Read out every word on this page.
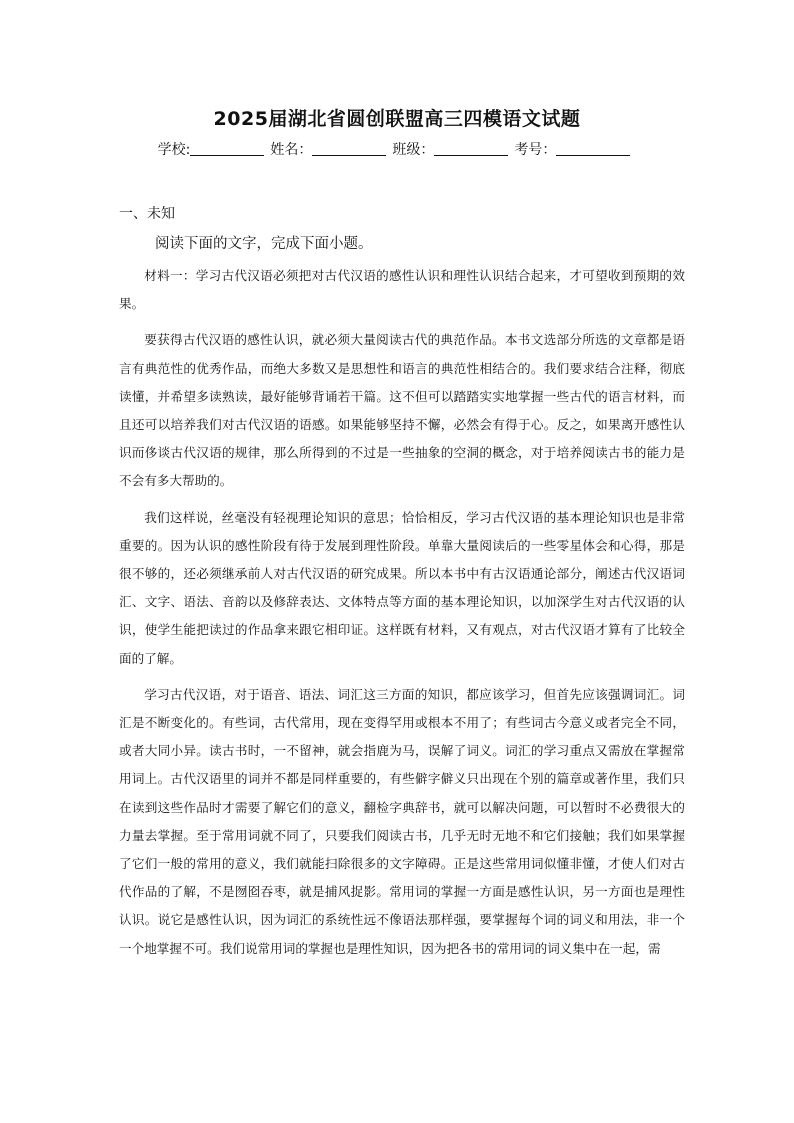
2025届湖北省圆创联盟高三四模语文试题
学校:	姓名：	班级：	考号：
一、未知
阅读下面的文字，完成下面小题。

材料一：学习古代汉语必须把对古代汉语的感性认识和理性认识结合起来，才可望收到预期的效果。

要获得古代汉语的感性认识，就必须大量阅读古代的典范作品。本书文选部分所选的文章都是语言有典范性的优秀作品，而绝大多数又是思想性和语言的典范性相结合的。我们要求结合注释，彻底读懂，并希望多读熟读，最好能够背诵若干篇。这不但可以踏踏实实地掌握一些古代的语言材料，而且还可以培养我们对古代汉语的语感。如果能够坚持不懈，必然会有得于心。反之，如果离开感性认识而侈谈古代汉语的规律，那么所得到的不过是一些抽象的空洞的概念，对于培养阅读古书的能力是不会有多大帮助的。

我们这样说，丝毫没有轻视理论知识的意思；恰恰相反，学习古代汉语的基本理论知识也是非常重要的。因为认识的感性阶段有待于发展到理性阶段。单靠大量阅读后的一些零星体会和心得，那是很不够的，还必须继承前人对古代汉语的研究成果。所以本书中有古汉语通论部分，阐述古代汉语词汇、文字、语法、音韵以及修辞表达、文体特点等方面的基本理论知识，以加深学生对古代汉语的认识，使学生能把读过的作品拿来跟它相印证。这样既有材料，又有观点，对古代汉语才算有了比较全面的了解。

学习古代汉语，对于语音、语法、词汇这三方面的知识，都应该学习，但首先应该强调词汇。词汇是不断变化的。有些词，古代常用，现在变得罕用或根本不用了；有些词古今意义或者完全不同，或者大同小异。读古书时，一不留神，就会指鹿为马，误解了词义。词汇的学习重点又需放在掌握常用词上。古代汉语里的词并不都是同样重要的，有些僻字僻义只出现在个别的篇章或著作里，我们只在读到这些作品时才需要了解它们的意义，翻检字典辞书，就可以解决问题，可以暂时不必费很大的力量去掌握。至于常用词就不同了，只要我们阅读古书，几乎无时无地不和它们接触；我们如果掌握了它们一般的常用的意义，我们就能扫除很多的文字障碍。正是这些常用词似懂非懂，才使人们对古代作品的了解，不是囫囵吞枣，就是捕风捉影。常用词的掌握一方面是感性认识，另一方面也是理性认识。说它是感性认识，因为词汇的系统性远不像语法那样强，要掌握每个词的词义和用法，非一个一个地掌握不可。我们说常用词的掌握也是理性知识，因为把各书的常用词的词义集中在一起，需
